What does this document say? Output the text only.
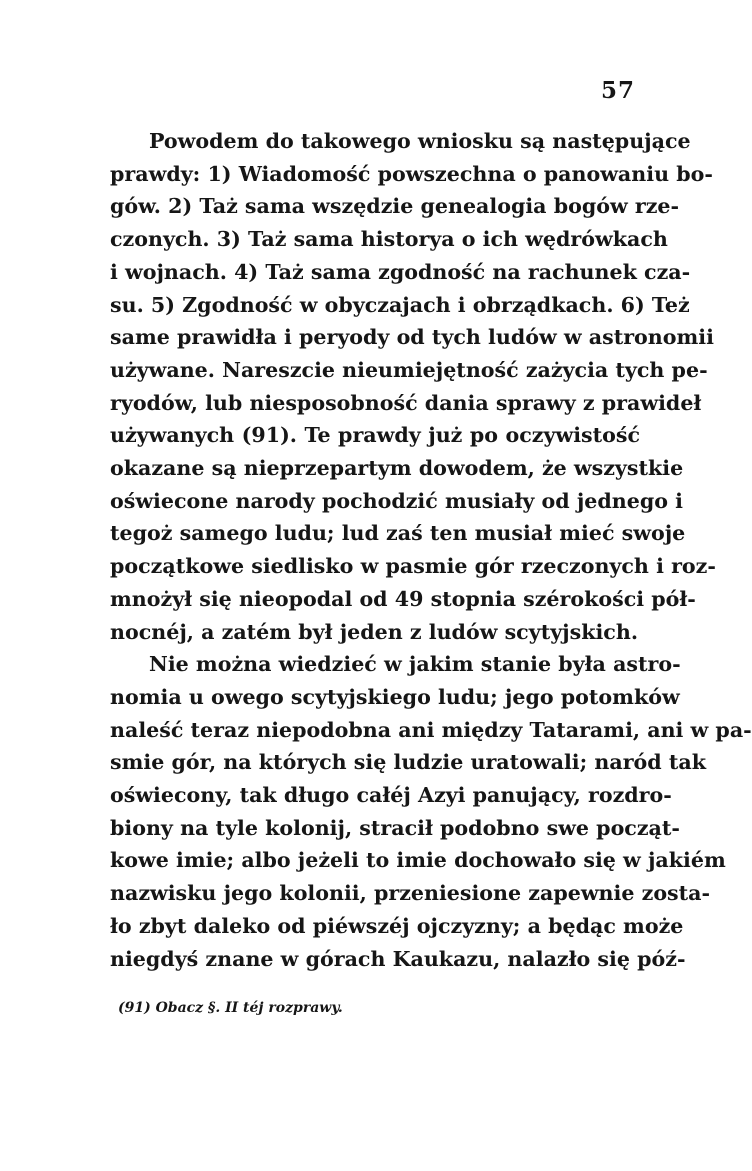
57
Powodem do takowego wniosku są następujące
prawdy: 1) Wiadomość powszechna o panowaniu bo-
gów. 2) Taż sama wszędzie genealogia bogów rze-
czonych. 3) Taż sama historya o ich wędrówkach
i wojnach. 4) Taż sama zgodność na rachunek cza-
su. 5) Zgodność w obyczajach i obrządkach. 6) Też
same prawidła i peryody od tych ludów w astronomii
używane. Nareszcie nieumiejętność zażycia tych pe-
ryodów, lub niesposobność dania sprawy z prawideł
używanych (91). Te prawdy już po oczywistość
okazane są nieprzepartym dowodem, że wszystkie
oświecone narody pochodzić musiały od jednego i
tegoż samego ludu; lud zaś ten musiał mieć swoje
początkowe siedlisko w pasmie gór rzeczonych i roz-
mnożył się nieopodal od 49 stopnia szérokości pół-
nocnéj, a zatém był jeden z ludów scytyjskich.
Nie można wiedzieć w jakim stanie była astro-
nomia u owego scytyjskiego ludu; jego potomków
naleść teraz niepodobna ani między Tatarami, ani w pa-
smie gór, na których się ludzie uratowali; naród tak
oświecony, tak długo całéj Azyi panujący, rozdro-
biony na tyle kolonij, stracił podobno swe począt-
kowe imie; albo jeżeli to imie dochowało się w jakiém
nazwisku jego kolonii, przeniesione zapewnie zosta-
ło zbyt daleko od piéwszéj ojczyzny; a będąc może
niegdyś znane w górach Kaukazu, nalazło się póź-
(91) Obacz §. II téj rozprawy.
